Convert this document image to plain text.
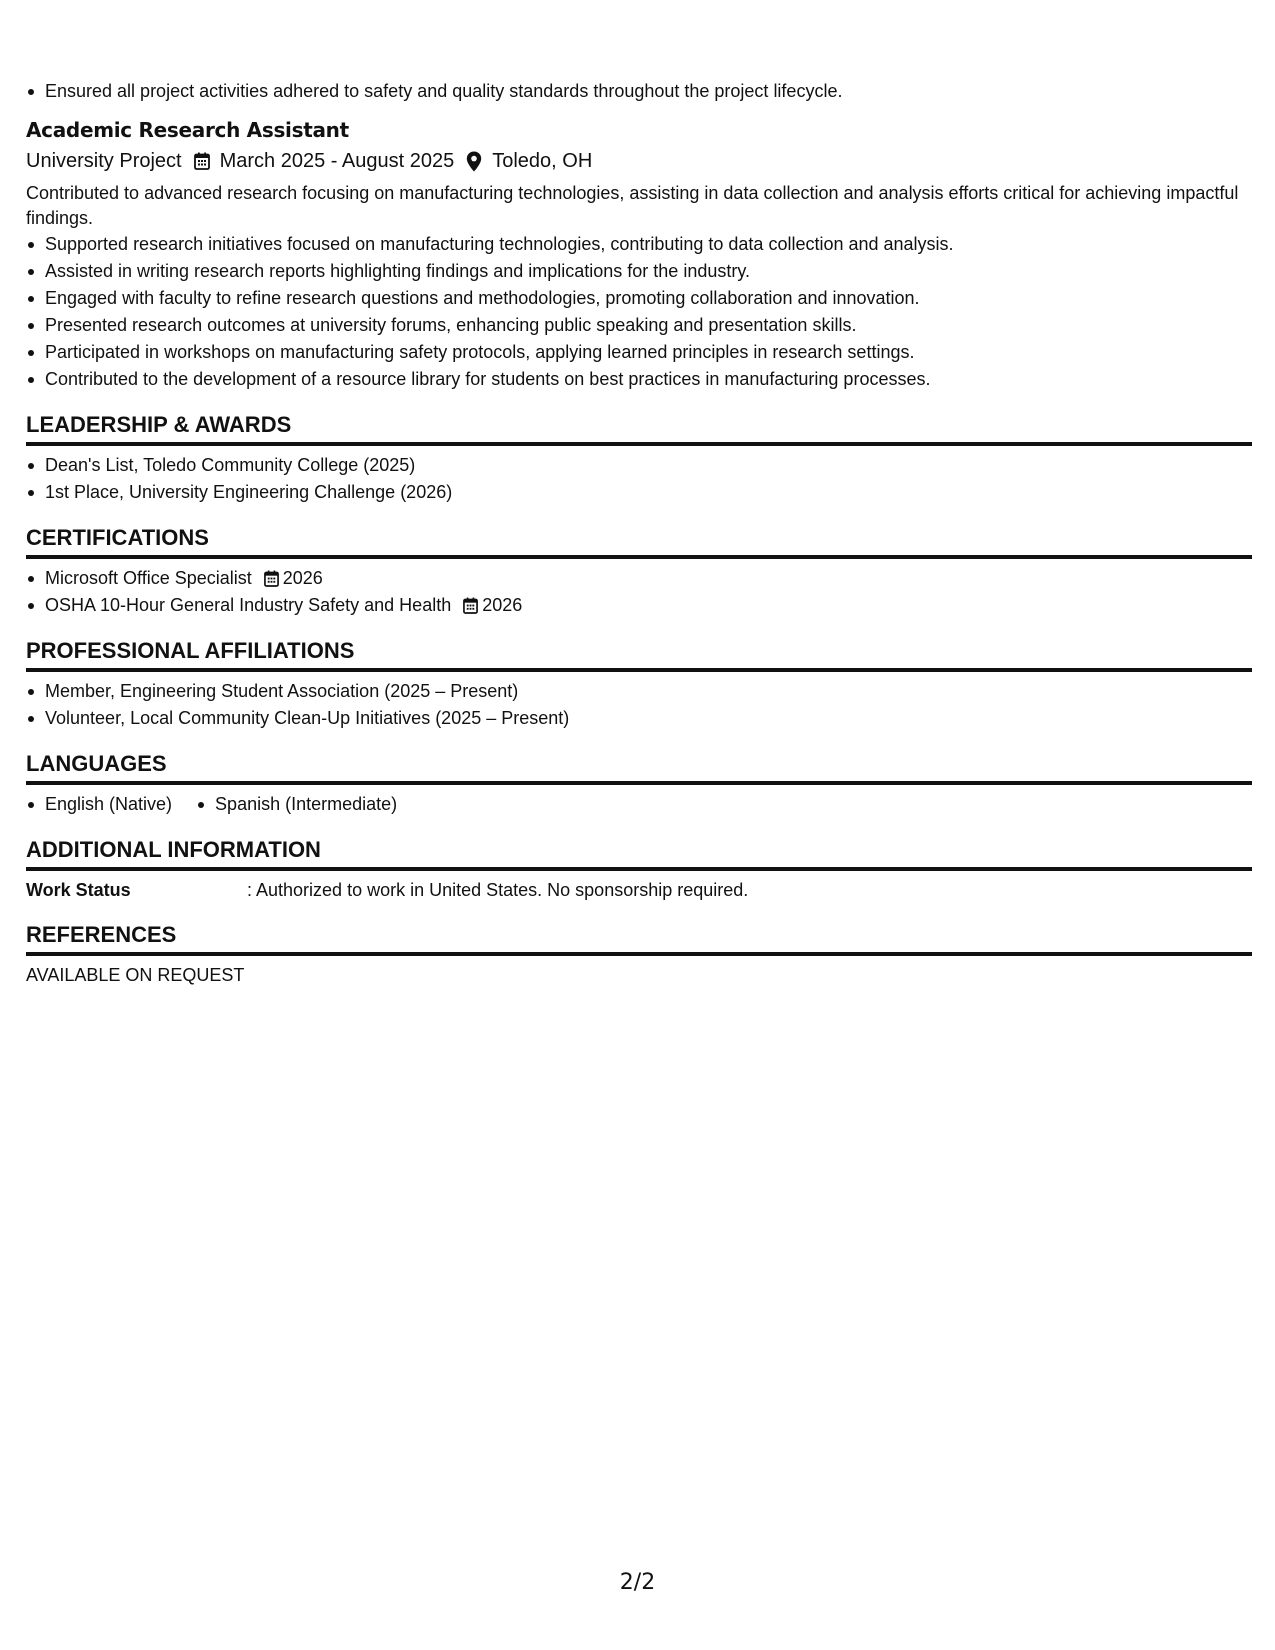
Ensured all project activities adhered to safety and quality standards throughout the project lifecycle.
Academic Research Assistant
University Project March 2025 - August 2025 Toledo, OH
Contributed to advanced research focusing on manufacturing technologies, assisting in data collection and analysis efforts critical for achieving impactful findings.
Supported research initiatives focused on manufacturing technologies, contributing to data collection and analysis.
Assisted in writing research reports highlighting findings and implications for the industry.
Engaged with faculty to refine research questions and methodologies, promoting collaboration and innovation.
Presented research outcomes at university forums, enhancing public speaking and presentation skills.
Participated in workshops on manufacturing safety protocols, applying learned principles in research settings.
Contributed to the development of a resource library for students on best practices in manufacturing processes.
LEADERSHIP & AWARDS
Dean's List, Toledo Community College (2025)
1st Place, University Engineering Challenge (2026)
CERTIFICATIONS
Microsoft Office Specialist 2026
OSHA 10-Hour General Industry Safety and Health 2026
PROFESSIONAL AFFILIATIONS
Member, Engineering Student Association (2025 – Present)
Volunteer, Local Community Clean-Up Initiatives (2025 – Present)
LANGUAGES
English (Native)	Spanish (Intermediate)
ADDITIONAL INFORMATION
Work Status	: Authorized to work in United States. No sponsorship required.
REFERENCES
AVAILABLE ON REQUEST
2/2
